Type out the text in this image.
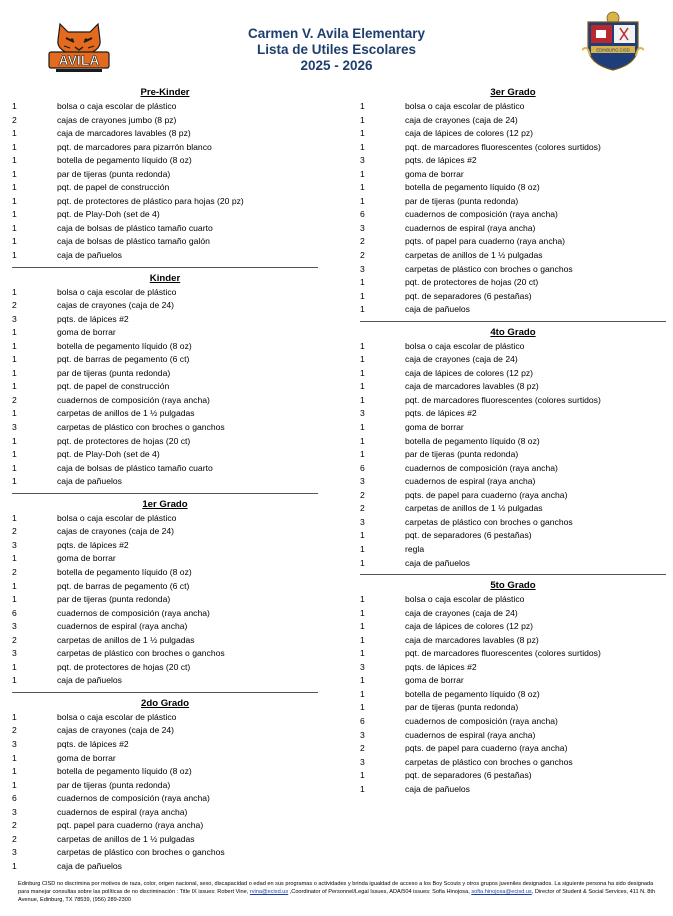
AVILA
Carmen V. Avila Elementary
Lista de Utiles Escolares
2025 - 2026
EDINBURG CISD
Pre-Kinder
1	bolsa o caja escolar de plástico
2	cajas de crayones jumbo (8 pz)
1	caja de marcadores lavables (8 pz)
1	pqt. de marcadores para pizarrón blanco
1	botella de pegamento líquido (8 oz)
1	par de tijeras (punta redonda)
1	pqt. de papel de construcción
1	pqt. de protectores de plástico para hojas (20 pz)
1	pqt. de Play-Doh (set de 4)
1	caja de bolsas de plástico tamaño cuarto
1	caja de bolsas de plástico tamaño galón
1	caja de pañuelos
Kinder
1	bolsa o caja escolar de plástico
2	cajas de crayones (caja de 24)
3	pqts. de lápices #2
1	goma de borrar
1	botella de pegamento líquido (8 oz)
1	pqt. de barras de pegamento (6 ct)
1	par de tijeras (punta redonda)
1	pqt. de papel de construcción
2	cuadernos de composición (raya ancha)
1	carpetas de anillos de 1 ½ pulgadas
3	carpetas de plástico con broches o ganchos
1	pqt. de protectores de hojas (20 ct)
1	pqt. de Play-Doh (set de 4)
1	caja de bolsas de plástico tamaño cuarto
1	caja de pañuelos
1er Grado
1	bolsa o caja escolar de plástico
2	cajas de crayones (caja de 24)
3	pqts. de lápices #2
1	goma de borrar
2	botella de pegamento líquido (8 oz)
1	pqt. de barras de pegamento (6 ct)
1	par de tijeras (punta redonda)
6	cuadernos de composición (raya ancha)
3	cuadernos de espiral (raya ancha)
2	carpetas de anillos de 1 ½ pulgadas
3	carpetas de plástico con broches o ganchos
1	pqt. de protectores de hojas (20 ct)
1	caja de pañuelos
2do Grado
1	bolsa o caja escolar de plástico
2	cajas de crayones (caja de 24)
3	pqts. de lápices #2
1	goma de borrar
1	botella de pegamento líquido (8 oz)
1	par de tijeras (punta redonda)
6	cuadernos de composición (raya ancha)
3	cuadernos de espiral (raya ancha)
2	pqt. papel para cuaderno (raya ancha)
2	carpetas de anillos de 1 ½ pulgadas
3	carpetas de plástico con broches o ganchos
1	caja de pañuelos
3er Grado
1	bolsa o caja escolar de plástico
1	caja de crayones (caja de 24)
1	caja de lápices de colores (12 pz)
1	pqt. de marcadores fluorescentes (colores surtidos)
3	pqts. de lápices #2
1	goma de borrar
1	botella de pegamento líquido (8 oz)
1	par de tijeras (punta redonda)
6	cuadernos de composición (raya ancha)
3	cuadernos de espiral (raya ancha)
2	pqts. of papel para cuaderno (raya ancha)
2	carpetas de anillos de 1 ½ pulgadas
3	carpetas de plástico con broches o ganchos
1	pqt. de protectores de hojas (20 ct)
1	pqt. de separadores (6 pestañas)
1	caja de pañuelos
4to Grado
1	bolsa o caja escolar de plástico
1	caja de crayones (caja de 24)
1	caja de lápices de colores (12 pz)
1	caja de marcadores lavables (8 pz)
1	pqt. de marcadores fluorescentes (colores surtidos)
3	pqts. de lápices #2
1	goma de borrar
1	botella de pegamento líquido (8 oz)
1	par de tijeras (punta redonda)
6	cuadernos de composición (raya ancha)
3	cuadernos de espiral (raya ancha)
2	pqts. de papel para cuaderno (raya ancha)
2	carpetas de anillos de 1 ½ pulgadas
3	carpetas de plástico con broches o ganchos
1	pqt. de separadores (6 pestañas)
1	regla
1	caja de pañuelos
5to Grado
1	bolsa o caja escolar de plástico
1	caja de crayones (caja de 24)
1	caja de lápices de colores (12 pz)
1	caja de marcadores lavables (8 pz)
1	pqt. de marcadores fluorescentes (colores surtidos)
3	pqts. de lápices #2
1	goma de borrar
1	botella de pegamento líquido (8 oz)
1	par de tijeras (punta redonda)
6	cuadernos de composición (raya ancha)
3	cuadernos de espiral (raya ancha)
2	pqts. de papel para cuaderno (raya ancha)
3	carpetas de plástico con broches o ganchos
1	pqt. de separadores (6 pestañas)
1	caja de pañuelos
Edinburg CISD no discrimina por motivos de raza, color, origen nacional, sexo, discapacidad o edad en sus programas o actividades y brinda igualdad de acceso a los Boy Scouts y otros grupos juveniles designados. La siguiente persona ha sido designada para manejar consultas sobre las políticas de no discriminación : Title IX issues: Robert Vine, rvina@ecisd.us ,Coordinator of Personnel/Legal Issues, ADA/504 issues: Sofia Hinojosa, sofia.hinojosa@ecisd.us, Director of Student & Social Services, 411 N. 8th Avenue, Edinburg, TX 78539, (956) 289-2300
